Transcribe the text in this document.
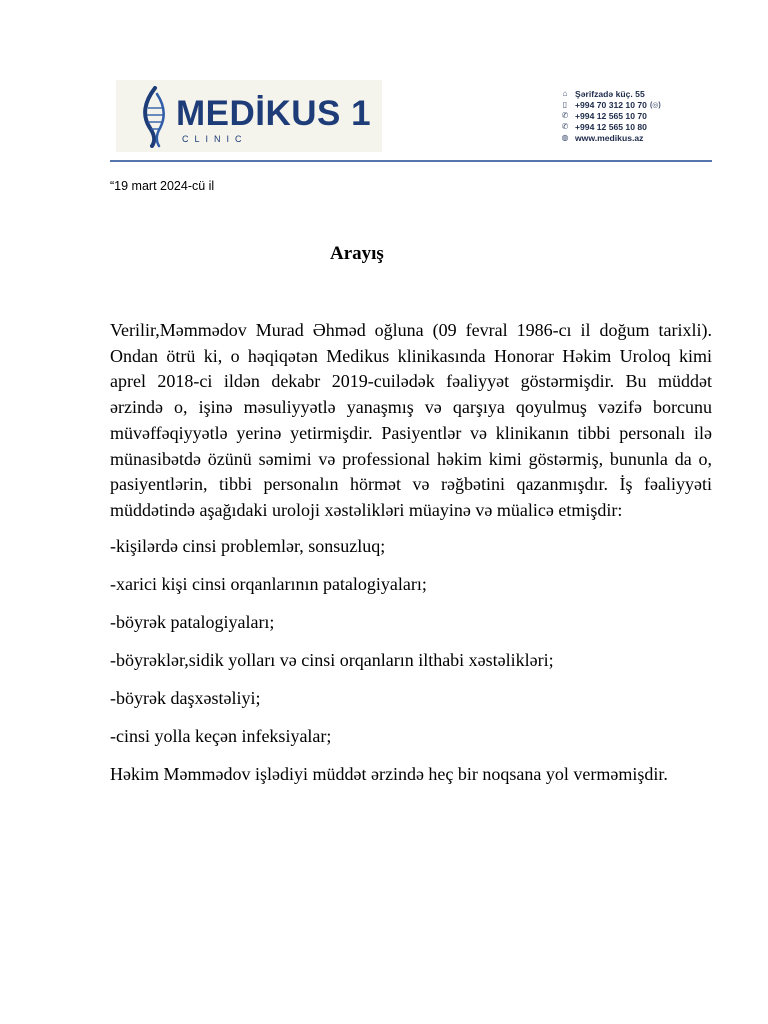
MEDİKUS 1
CLINIC
⌂ Şərifzadə küç. 55
▯ +994 70 312 10 70 (◎)
✆ +994 12 565 10 70
✆ +994 12 565 10 80
◍ www.medikus.az
“19 mart 2024-cü il
Arayış

Verilir,Məmmədov Murad Əhməd oğluna (09 fevral 1986-cı il doğum tarixli). Ondan ötrü ki, o həqiqətən Medikus klinikasında Honorar Həkim Uroloq kimi aprel 2018-ci ildən dekabr 2019-cuilədək fəaliyyət göstərmişdir. Bu müddət ərzində o, işinə məsuliyyətlə yanaşmış və qarşıya qoyulmuş vəzifə borcunu müvəffəqiyyətlə yerinə yetirmişdir. Pasiyentlər və klinikanın tibbi personalı ilə münasibətdə özünü səmimi və professional həkim kimi göstərmiş, bununla da o, pasiyentlərin, tibbi personalın hörmət və rəğbətini qazanmışdır. İş fəaliyyəti müddətində aşağıdaki uroloji xəstəlikləri müayinə və müalicə etmişdir:

-kişilərdə cinsi problemlər, sonsuzluq;

-xarici kişi cinsi orqanlarının patalogiyaları;

-böyrək patalogiyaları;

-böyrəklər,sidik yolları və cinsi orqanların ilthabi xəstəlikləri;

-böyrək daşxəstəliyi;

-cinsi yolla keçən infeksiyalar;

Həkim Məmmədov işlədiyi müddət ərzində heç bir noqsana yol verməmişdir.
